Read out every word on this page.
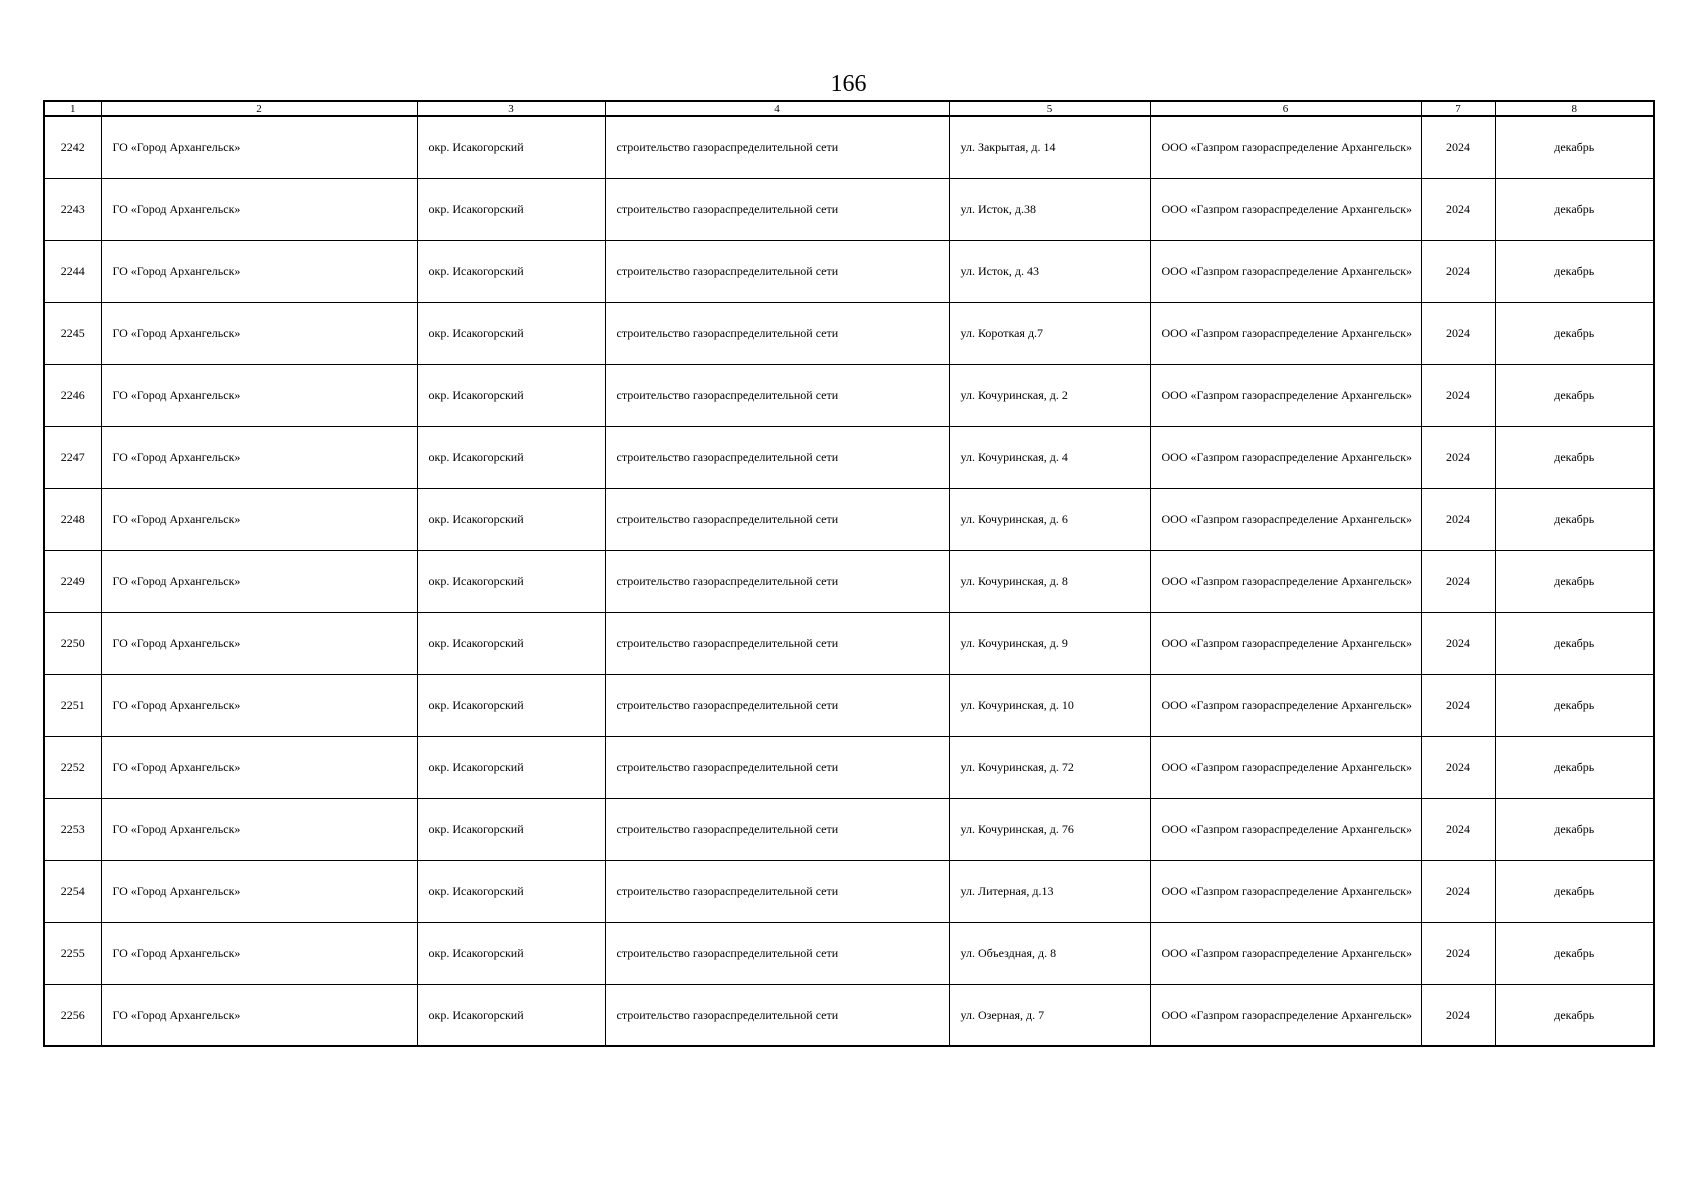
166
1	2	3	4	5	6	7	8
2242	ГО «Город Архангельск»	окр. Исакогорский	строительство газораспределительной сети	ул. Закрытая, д. 14	ООО «Газпром газораспределение Архангельск»	2024	декабрь
2243	ГО «Город Архангельск»	окр. Исакогорский	строительство газораспределительной сети	ул. Исток, д.38	ООО «Газпром газораспределение Архангельск»	2024	декабрь
2244	ГО «Город Архангельск»	окр. Исакогорский	строительство газораспределительной сети	ул. Исток, д. 43	ООО «Газпром газораспределение Архангельск»	2024	декабрь
2245	ГО «Город Архангельск»	окр. Исакогорский	строительство газораспределительной сети	ул. Короткая д.7	ООО «Газпром газораспределение Архангельск»	2024	декабрь
2246	ГО «Город Архангельск»	окр. Исакогорский	строительство газораспределительной сети	ул. Кочуринская, д. 2	ООО «Газпром газораспределение Архангельск»	2024	декабрь
2247	ГО «Город Архангельск»	окр. Исакогорский	строительство газораспределительной сети	ул. Кочуринская, д. 4	ООО «Газпром газораспределение Архангельск»	2024	декабрь
2248	ГО «Город Архангельск»	окр. Исакогорский	строительство газораспределительной сети	ул. Кочуринская, д. 6	ООО «Газпром газораспределение Архангельск»	2024	декабрь
2249	ГО «Город Архангельск»	окр. Исакогорский	строительство газораспределительной сети	ул. Кочуринская, д. 8	ООО «Газпром газораспределение Архангельск»	2024	декабрь
2250	ГО «Город Архангельск»	окр. Исакогорский	строительство газораспределительной сети	ул. Кочуринская, д. 9	ООО «Газпром газораспределение Архангельск»	2024	декабрь
2251	ГО «Город Архангельск»	окр. Исакогорский	строительство газораспределительной сети	ул. Кочуринская, д. 10	ООО «Газпром газораспределение Архангельск»	2024	декабрь
2252	ГО «Город Архангельск»	окр. Исакогорский	строительство газораспределительной сети	ул. Кочуринская, д. 72	ООО «Газпром газораспределение Архангельск»	2024	декабрь
2253	ГО «Город Архангельск»	окр. Исакогорский	строительство газораспределительной сети	ул. Кочуринская, д. 76	ООО «Газпром газораспределение Архангельск»	2024	декабрь
2254	ГО «Город Архангельск»	окр. Исакогорский	строительство газораспределительной сети	ул. Литерная, д.13	ООО «Газпром газораспределение Архангельск»	2024	декабрь
2255	ГО «Город Архангельск»	окр. Исакогорский	строительство газораспределительной сети	ул. Объездная, д. 8	ООО «Газпром газораспределение Архангельск»	2024	декабрь
2256	ГО «Город Архангельск»	окр. Исакогорский	строительство газораспределительной сети	ул. Озерная, д. 7	ООО «Газпром газораспределение Архангельск»	2024	декабрь
